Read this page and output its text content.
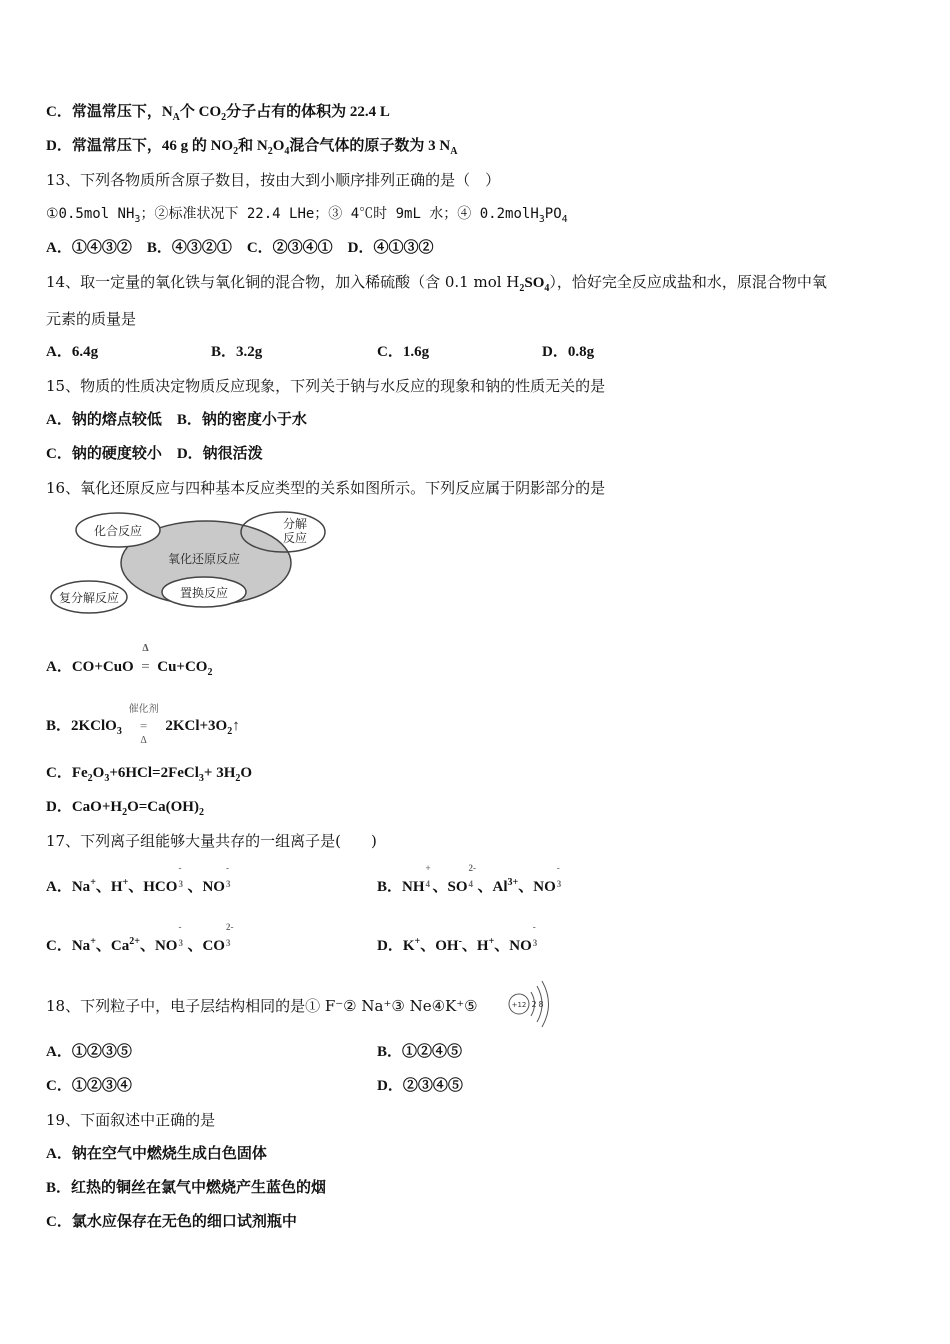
C．常温常压下，$N_A$个 $CO_2$分子占有的体积为 22.4 L
D．常温常压下，46 g 的 $NO_2$和 $N_2O_4$混合气体的原子数为 3 $N_A$
13、下列各物质所含原子数目，按由大到小顺序排列正确的是（　）
①0.5mol $NH_3$；②标准状况下 22.4 LHe；③ 4℃时 9mL 水；④ $0.2molH_3PO_4$
A．①④③②　B．④③②①　C．②③④①　D．④①③②
14、取一定量的氧化铁与氧化铜的混合物，加入稀硫酸（含 0.1 mol $H_2SO_4$），恰好完全反应成盐和水，原混合物中氧
元素的质量是
A．6.4g	B．3.2g	C．1.6g	D．0.8g
15、物质的性质决定物质反应现象，下列关于钠与水反应的现象和钠的性质无关的是
A．钠的熔点较低　B．钠的密度小于水
C．钠的硬度较小　D．钠很活泼
16、氧化还原反应与四种基本反应类型的关系如图所示。下列反应属于阴影部分的是
化合反应	分解
反应
氧化还原反应
复分解反应	置换反应
A．CO+CuO
Δ
= $Cu+CO_2$
B．2KClO$_3$
催化剂
=
Δ
$2KCl+3O_2↑$
C．$Fe_2O_3+6HCl=2FeCl_3+ 3H_2O$
D．$CaO+H_2O=Ca(OH)_2$
17、下列离子组能够大量共存的一组离子是(　　)
A．Na+、H+、HCO
-
3 、NO
-
3	B．NH
+
4 、SO
2-
4 、$Al^{3+}$、NO
-
3
C．Na+、$Ca^{2+}$、NO
-
3 、CO
2-
3	D．K+、OH-、H+、NO
-
3
18、下列粒子中，电子层结构相同的是① F⁻② Na⁺③ Ne④K⁺⑤	+12 2 8
A．①②③⑤	B．①②④⑤
C．①②③④	D．②③④⑤
19、下面叙述中正确的是
A．钠在空气中燃烧生成白色固体
B．红热的铜丝在氯气中燃烧产生蓝色的烟
C．氯水应保存在无色的细口试剂瓶中
